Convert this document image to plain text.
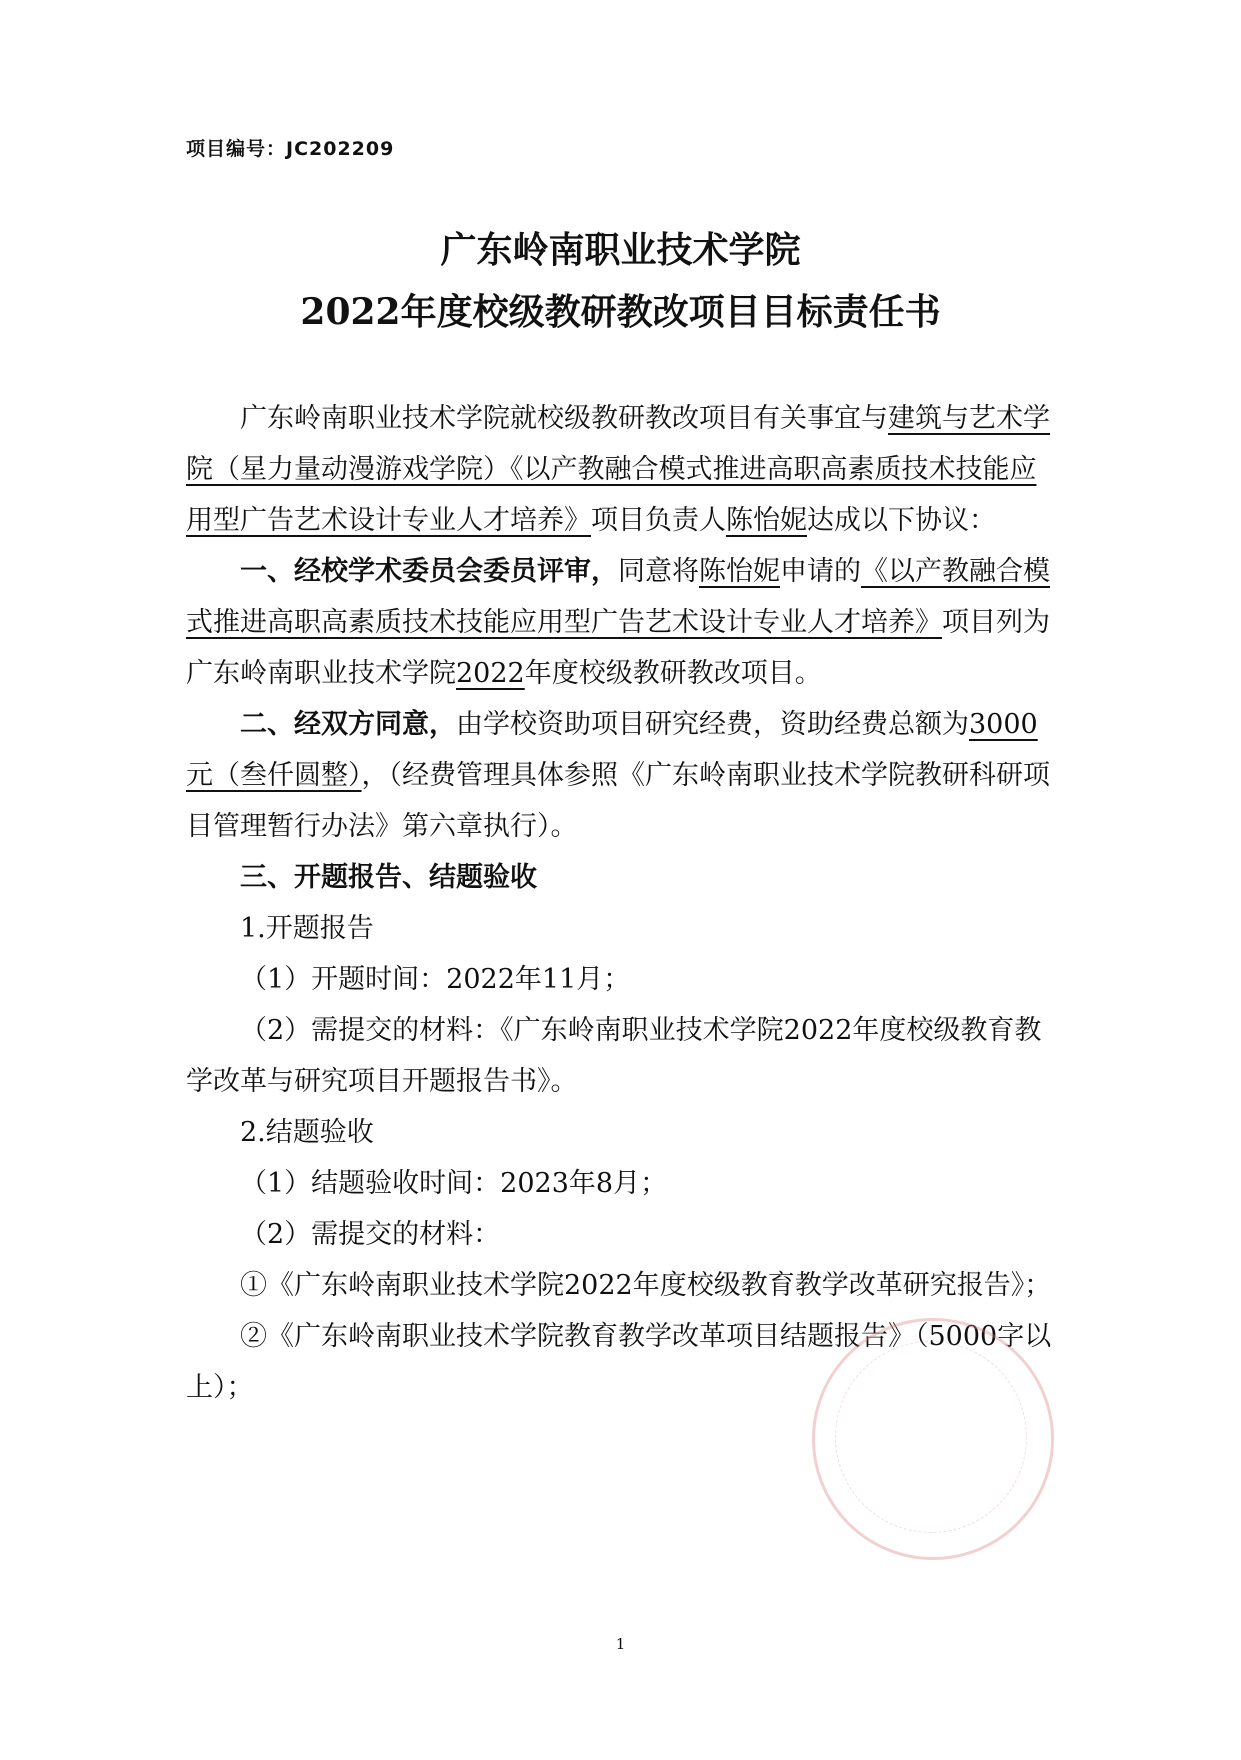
项目编号：JC202209
广东岭南职业技术学院
2022年度校级教研教改项目目标责任书

广东岭南职业技术学院就校级教研教改项目有关事宜与建筑与艺术学院（星力量动漫游戏学院）《以产教融合模式推进高职高素质技术技能应用型广告艺术设计专业人才培养》项目负责人陈怡妮达成以下协议：

一、经校学术委员会委员评审，同意将陈怡妮申请的《以产教融合模式推进高职高素质技术技能应用型广告艺术设计专业人才培养》项目列为广东岭南职业技术学院2022年度校级教研教改项目。

二、经双方同意，由学校资助项目研究经费，资助经费总额为3000元（叁仟圆整），（经费管理具体参照《广东岭南职业技术学院教研科研项目管理暂行办法》第六章执行）。

三、开题报告、结题验收

1.开题报告

（1）开题时间：2022年11月；

（2）需提交的材料：《广东岭南职业技术学院2022年度校级教育教学改革与研究项目开题报告书》。

2.结题验收

（1）结题验收时间：2023年8月；

（2）需提交的材料：

①《广东岭南职业技术学院2022年度校级教育教学改革研究报告》；

②《广东岭南职业技术学院教育教学改革项目结题报告》（5000字以上）；

1
